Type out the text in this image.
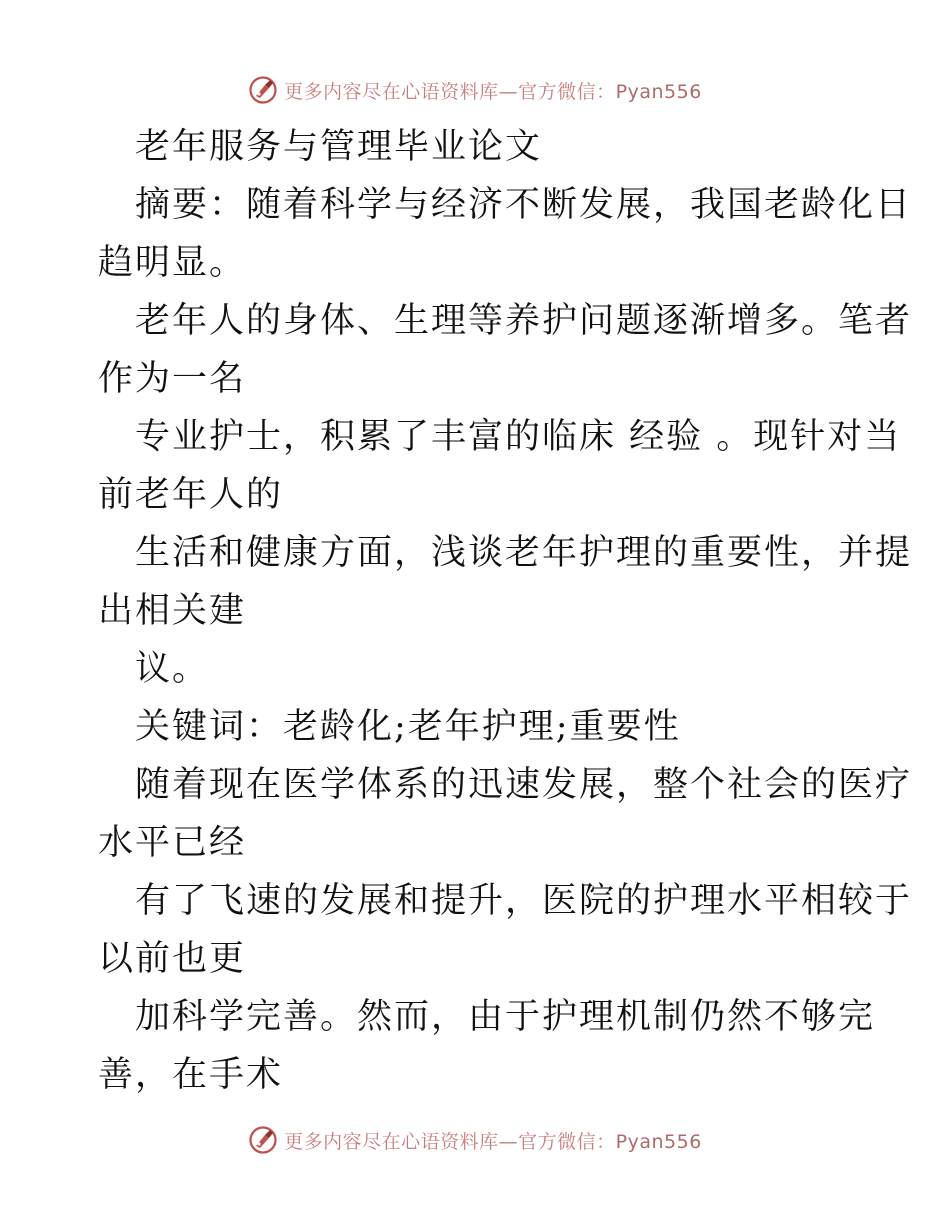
更多内容尽在心语资料库—官方微信：Pyan556
老年服务与管理毕业论文
摘要：随着科学与经济不断发展，我国老龄化日
趋明显。
老年人的身体、生理等养护问题逐渐增多。笔者
作为一名
专业护士，积累了丰富的临床 经验 。现针对当
前老年人的
生活和健康方面，浅谈老年护理的重要性，并提
出相关建
议。
关键词：老龄化;老年护理;重要性
随着现在医学体系的迅速发展，整个社会的医疗
水平已经
有了飞速的发展和提升，医院的护理水平相较于
以前也更
加科学完善。然而，由于护理机制仍然不够完
善，在手术
更多内容尽在心语资料库—官方微信：Pyan556
